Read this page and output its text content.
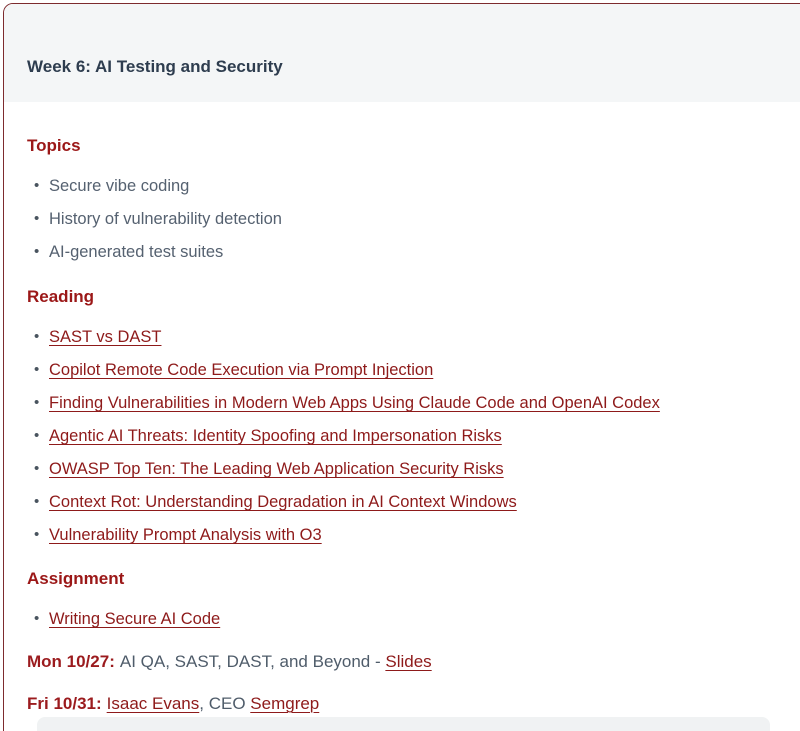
Week 6: AI Testing and Security
Topics
• Secure vibe coding
• History of vulnerability detection
• AI-generated test suites
Reading
• SAST vs DAST
• Copilot Remote Code Execution via Prompt Injection
• Finding Vulnerabilities in Modern Web Apps Using Claude Code and OpenAI Codex
• Agentic AI Threats: Identity Spoofing and Impersonation Risks
• OWASP Top Ten: The Leading Web Application Security Risks
• Context Rot: Understanding Degradation in AI Context Windows
• Vulnerability Prompt Analysis with O3
Assignment
• Writing Secure AI Code
Mon 10/27: AI QA, SAST, DAST, and Beyond - Slides
Fri 10/31: Isaac Evans, CEO Semgrep
